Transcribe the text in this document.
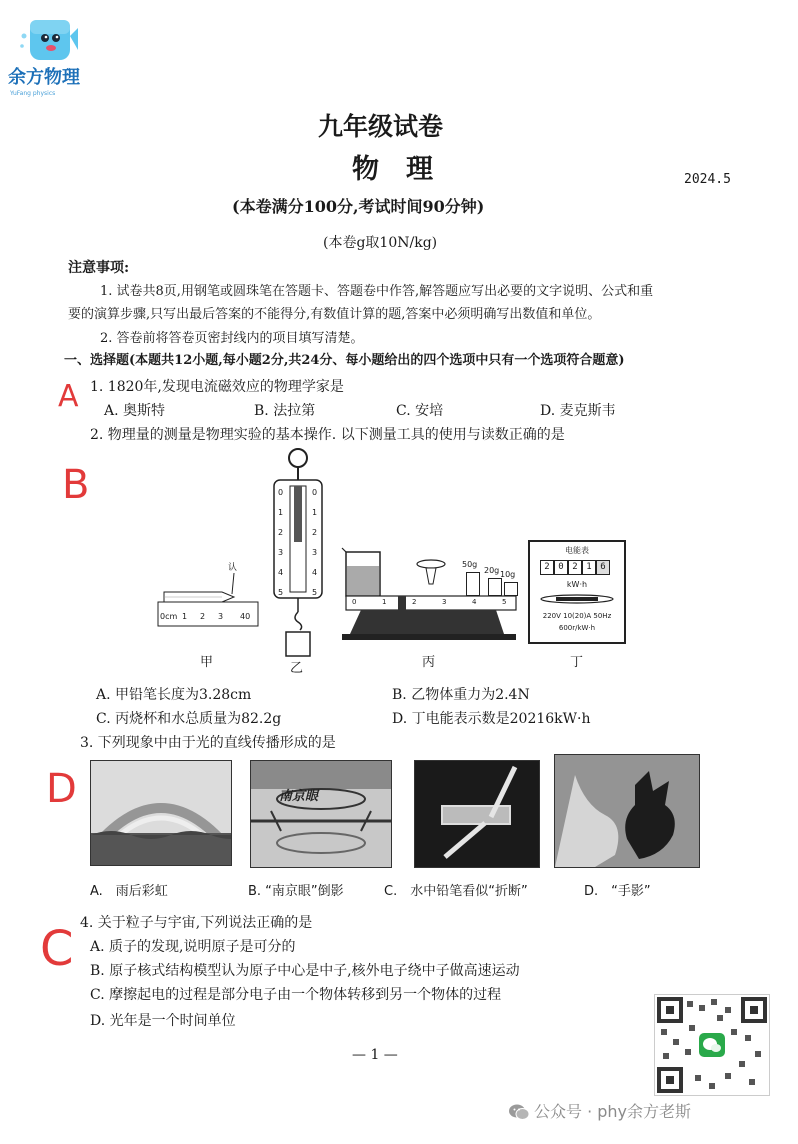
余方物理
YuFang physics
九年级试卷
物　理	2024.5
(本卷满分100分,考试时间90分钟)
(本卷g取10N/kg)
注意事项:
1. 试卷共8页,用钢笔或圆珠笔在答题卡、答题卷中作答,解答题应写出必要的文字说明、公式和重
要的演算步骤,只写出最后答案的不能得分,有数值计算的题,答案中必须明确写出数值和单位。
2. 答卷前将答卷页密封线内的项目填写清楚。
一、选择题(本题共12小题,每小题2分,共24分、每小题给出的四个选项中只有一个选项符合题意)
A 1. 1820年,发现电流磁效应的物理学家是
A. 奥斯特	B. 法拉第	C. 安培	D. 麦克斯韦
2. 物理量的测量是物理实验的基本操作. 以下测量工具的使用与读数正确的是
B
认
0cm 1 2 3 40
0	0
1	1
2	2
3	3
4	4
5	5
0	1	2	3	4	5
50g
20g 10g
电能表
2 0 2 1 6
kW·h
220V 10(20)A 50Hz
600r/kW·h
甲	乙	丙	丁
A. 甲铅笔长度为3.28cm	B. 乙物体重力为2.4N
C. 丙烧杯和水总质量为82.2g	D. 丁电能表示数是20216kW·h
3. 下列现象中由于光的直线传播形成的是
D	南京眼
A.　雨后彩虹	B. “南京眼”倒影	C.　水中铅笔看似“折断”	D.　“手影”
4. 关于粒子与宇宙,下列说法正确的是
C A. 质子的发现,说明原子是可分的
B. 原子核式结构模型认为原子中心是中子,核外电子绕中子做高速运动
C. 摩擦起电的过程是部分电子由一个物体转移到另一个物体的过程
D. 光年是一个时间单位
— 1 —
公众号 · phy余方老斯
